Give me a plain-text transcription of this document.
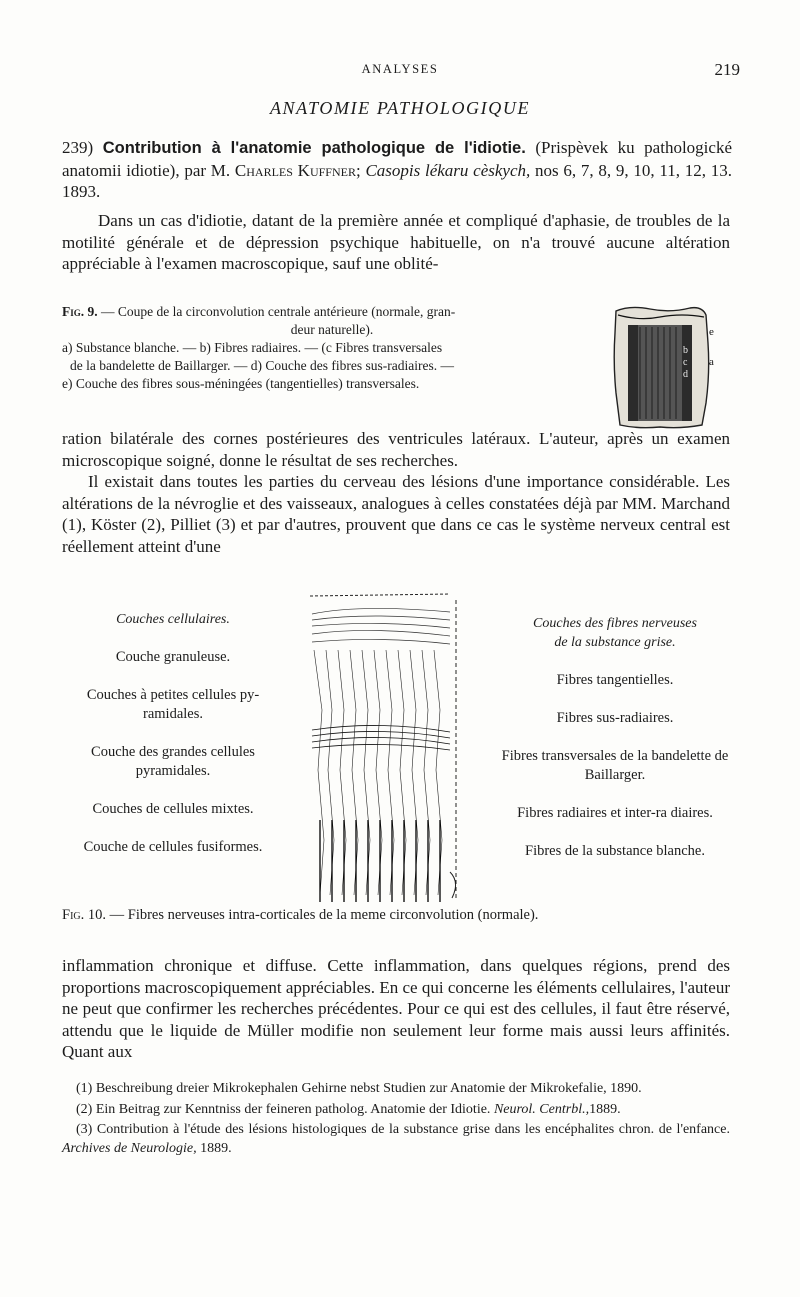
ANALYSES	219
ANATOMIE PATHOLOGIQUE
239) Contribution à l'anatomie pathologique de l'idiotie. (Prispèvek ku pathologické anatomii idiotie), par M. Charles Kuffner; Casopis lékaru cèskych, nos 6, 7, 8, 9, 10, 11, 12, 13. 1893.

Dans un cas d'idiotie, datant de la première année et compliqué d'aphasie, de troubles de la motilité générale et de dépression psychique habituelle, on n'a trouvé aucune altération appréciable à l'examen macroscopique, sauf une oblité-

Fig. 9. — Coupe de la circonvolution centrale antérieure (normale, gran-

deur naturelle).

a) Substance blanche. — b) Fibres radiaires. — (c Fibres transversales

de la bandelette de Baillarger. — d) Couche des fibres sus-radiaires. —

e) Couche des fibres sous-méningées (tangentielles) transversales.

e
b
c
d
a

ration bilatérale des cornes postérieures des ventricules latéraux. L'auteur, après un examen microscopique soigné, donne le résultat de ses recherches.

Il existait dans toutes les parties du cerveau des lésions d'une importance considérable. Les altérations de la névroglie et des vaisseaux, analogues à celles constatées déjà par MM. Marchand (1), Köster (2), Pilliet (3) et par d'autres, prouvent que dans ce cas le système nerveux central est réellement atteint d'une

Couches cellulaires.
Couche granuleuse.
Couches à petites cellules py-ramidales.
Couche des grandes cellules pyramidales.
Couches de cellules mixtes.
Couche de cellules fusiformes.
Couches des fibres nerveuses
de la substance grise.
Fibres tangentielles.
Fibres sus-radiaires.
Fibres transversales de la bandelette de Baillarger.
Fibres radiaires et inter-ra diaires.
Fibres de la substance blanche.
Fig. 10. — Fibres nerveuses intra-corticales de la meme circonvolution (normale).

inflammation chronique et diffuse. Cette inflammation, dans quelques régions, prend des proportions macroscopiquement appréciables. En ce qui concerne les éléments cellulaires, l'auteur ne peut que confirmer les recherches précédentes. Pour ce qui est des cellules, il faut être réservé, attendu que le liquide de Müller modifie non seulement leur forme mais aussi leurs affinités. Quant aux

(1) Beschreibung dreier Mikrokephalen Gehirne nebst Studien zur Anatomie der Mikrokefalie, 1890.

(2) Ein Beitrag zur Kenntniss der feineren patholog. Anatomie der Idiotie. Neurol. Centrbl.,1889.

(3) Contribution à l'étude des lésions histologiques de la substance grise dans les encéphalites chron. de l'enfance. Archives de Neurologie, 1889.
